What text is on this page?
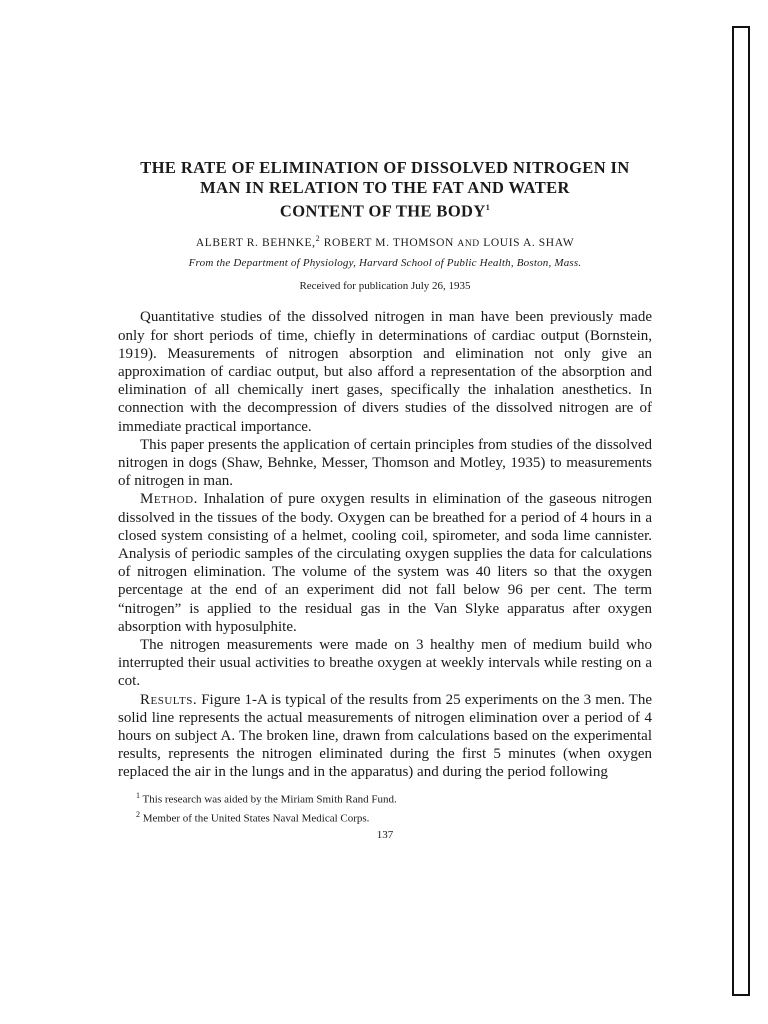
THE RATE OF ELIMINATION OF DISSOLVED NITROGEN IN
MAN IN RELATION TO THE FAT AND WATER
CONTENT OF THE BODY$^1$
ALBERT R. BEHNKE,$^2$ ROBERT M. THOMSON AND LOUIS A. SHAW
From the Department of Physiology, Harvard School of Public Health, Boston, Mass.
Received for publication July 26, 1935

Quantitative studies of the dissolved nitrogen in man have been previously made only for short periods of time, chiefly in determinations of cardiac output (Bornstein, 1919). Measurements of nitrogen absorption and elimination not only give an approximation of cardiac output, but also afford a representation of the absorption and elimination of all chemically inert gases, specifically the inhalation anesthetics. In connection with the decompression of divers studies of the dissolved nitrogen are of immediate practical importance.

This paper presents the application of certain principles from studies of the dissolved nitrogen in dogs (Shaw, Behnke, Messer, Thomson and Motley, 1935) to measurements of nitrogen in man.

Method. Inhalation of pure oxygen results in elimination of the gaseous nitrogen dissolved in the tissues of the body. Oxygen can be breathed for a period of 4 hours in a closed system consisting of a helmet, cooling coil, spirometer, and soda lime cannister. Analysis of periodic samples of the circulating oxygen supplies the data for calculations of nitrogen elimination. The volume of the system was 40 liters so that the oxygen percentage at the end of an experiment did not fall below 96 per cent. The term “nitrogen” is applied to the residual gas in the Van Slyke apparatus after oxygen absorption with hyposulphite.

The nitrogen measurements were made on 3 healthy men of medium build who interrupted their usual activities to breathe oxygen at weekly intervals while resting on a cot.

Results. Figure 1-A is typical of the results from 25 experiments on the 3 men. The solid line represents the actual measurements of nitrogen elimination over a period of 4 hours on subject A. The broken line, drawn from calculations based on the experimental results, represents the nitrogen eliminated during the first 5 minutes (when oxygen replaced the air in the lungs and in the apparatus) and during the period following

$^1$ This research was aided by the Miriam Smith Rand Fund.
$^2$ Member of the United States Naval Medical Corps.
137
